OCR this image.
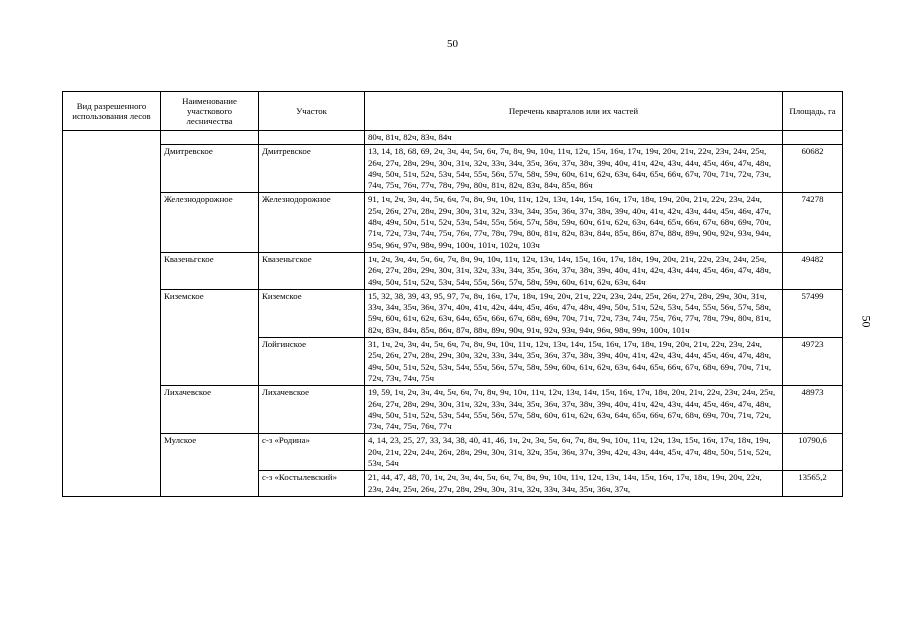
50
50
Вид разрешенного использования лесов	Наименование участкового лесничества	Участок	Перечень кварталов или их частей	Площадь, га
			80ч, 81ч, 82ч, 83ч, 84ч	
	Дмитревское	Дмитревское	13, 14, 18, 68, 69, 2ч, 3ч, 4ч, 5ч, 6ч, 7ч, 8ч, 9ч, 10ч, 11ч, 12ч, 15ч, 16ч, 17ч, 19ч, 20ч, 21ч, 22ч, 23ч, 24ч, 25ч, 26ч, 27ч, 28ч, 29ч, 30ч, 31ч, 32ч, 33ч, 34ч, 35ч, 36ч, 37ч, 38ч, 39ч, 40ч, 41ч, 42ч, 43ч, 44ч, 45ч, 46ч, 47ч, 48ч, 49ч, 50ч, 51ч, 52ч, 53ч, 54ч, 55ч, 56ч, 57ч, 58ч, 59ч, 60ч, 61ч, 62ч, 63ч, 64ч, 65ч, 66ч, 67ч, 70ч, 71ч, 72ч, 73ч, 74ч, 75ч, 76ч, 77ч, 78ч, 79ч, 80ч, 81ч, 82ч, 83ч, 84ч, 85ч, 86ч	60682
	Железнодорожное	Железнодорожное	91, 1ч, 2ч, 3ч, 4ч, 5ч, 6ч, 7ч, 8ч, 9ч, 10ч, 11ч, 12ч, 13ч, 14ч, 15ч, 16ч, 17ч, 18ч, 19ч, 20ч, 21ч, 22ч, 23ч, 24ч, 25ч, 26ч, 27ч, 28ч, 29ч, 30ч, 31ч, 32ч, 33ч, 34ч, 35ч, 36ч, 37ч, 38ч, 39ч, 40ч, 41ч, 42ч, 43ч, 44ч, 45ч, 46ч, 47ч, 48ч, 49ч, 50ч, 51ч, 52ч, 53ч, 54ч, 55ч, 56ч, 57ч, 58ч, 59ч, 60ч, 61ч, 62ч, 63ч, 64ч, 65ч, 66ч, 67ч, 68ч, 69ч, 70ч, 71ч, 72ч, 73ч, 74ч, 75ч, 76ч, 77ч, 78ч, 79ч, 80ч, 81ч, 82ч, 83ч, 84ч, 85ч, 86ч, 87ч, 88ч, 89ч, 90ч, 92ч, 93ч, 94ч, 95ч, 96ч, 97ч, 98ч, 99ч, 100ч, 101ч, 102ч, 103ч	74278
	Квазеньгское	Квазеньгское	1ч, 2ч, 3ч, 4ч, 5ч, 6ч, 7ч, 8ч, 9ч, 10ч, 11ч, 12ч, 13ч, 14ч, 15ч, 16ч, 17ч, 18ч, 19ч, 20ч, 21ч, 22ч, 23ч, 24ч, 25ч, 26ч, 27ч, 28ч, 29ч, 30ч, 31ч, 32ч, 33ч, 34ч, 35ч, 36ч, 37ч, 38ч, 39ч, 40ч, 41ч, 42ч, 43ч, 44ч, 45ч, 46ч, 47ч, 48ч, 49ч, 50ч, 51ч, 52ч, 53ч, 54ч, 55ч, 56ч, 57ч, 58ч, 59ч, 60ч, 61ч, 62ч, 63ч, 64ч	49482
	Киземское	Киземское	15, 32, 38, 39, 43, 95, 97, 7ч, 8ч, 16ч, 17ч, 18ч, 19ч, 20ч, 21ч, 22ч, 23ч, 24ч, 25ч, 26ч, 27ч, 28ч, 29ч, 30ч, 31ч, 33ч, 34ч, 35ч, 36ч, 37ч, 40ч, 41ч, 42ч, 44ч, 45ч, 46ч, 47ч, 48ч, 49ч, 50ч, 51ч, 52ч, 53ч, 54ч, 55ч, 56ч, 57ч, 58ч, 59ч, 60ч, 61ч, 62ч, 63ч, 64ч, 65ч, 66ч, 67ч, 68ч, 69ч, 70ч, 71ч, 72ч, 73ч, 74ч, 75ч, 76ч, 77ч, 78ч, 79ч, 80ч, 81ч, 82ч, 83ч, 84ч, 85ч, 86ч, 87ч, 88ч, 89ч, 90ч, 91ч, 92ч, 93ч, 94ч, 96ч, 98ч, 99ч, 100ч, 101ч	57499
		Лойгинское	31, 1ч, 2ч, 3ч, 4ч, 5ч, 6ч, 7ч, 8ч, 9ч, 10ч, 11ч, 12ч, 13ч, 14ч, 15ч, 16ч, 17ч, 18ч, 19ч, 20ч, 21ч, 22ч, 23ч, 24ч, 25ч, 26ч, 27ч, 28ч, 29ч, 30ч, 32ч, 33ч, 34ч, 35ч, 36ч, 37ч, 38ч, 39ч, 40ч, 41ч, 42ч, 43ч, 44ч, 45ч, 46ч, 47ч, 48ч, 49ч, 50ч, 51ч, 52ч, 53ч, 54ч, 55ч, 56ч, 57ч, 58ч, 59ч, 60ч, 61ч, 62ч, 63ч, 64ч, 65ч, 66ч, 67ч, 68ч, 69ч, 70ч, 71ч, 72ч, 73ч, 74ч, 75ч	49723
	Лихачевское	Лихачевское	19, 59, 1ч, 2ч, 3ч, 4ч, 5ч, 6ч, 7ч, 8ч, 9ч, 10ч, 11ч, 12ч, 13ч, 14ч, 15ч, 16ч, 17ч, 18ч, 20ч, 21ч, 22ч, 23ч, 24ч, 25ч, 26ч, 27ч, 28ч, 29ч, 30ч, 31ч, 32ч, 33ч, 34ч, 35ч, 36ч, 37ч, 38ч, 39ч, 40ч, 41ч, 42ч, 43ч, 44ч, 45ч, 46ч, 47ч, 48ч, 49ч, 50ч, 51ч, 52ч, 53ч, 54ч, 55ч, 56ч, 57ч, 58ч, 60ч, 61ч, 62ч, 63ч, 64ч, 65ч, 66ч, 67ч, 68ч, 69ч, 70ч, 71ч, 72ч, 73ч, 74ч, 75ч, 76ч, 77ч	48973
	Мулское	с-з «Родина»	4, 14, 23, 25, 27, 33, 34, 38, 40, 41, 46, 1ч, 2ч, 3ч, 5ч, 6ч, 7ч, 8ч, 9ч, 10ч, 11ч, 12ч, 13ч, 15ч, 16ч, 17ч, 18ч, 19ч, 20ч, 21ч, 22ч, 24ч, 26ч, 28ч, 29ч, 30ч, 31ч, 32ч, 35ч, 36ч, 37ч, 39ч, 42ч, 43ч, 44ч, 45ч, 47ч, 48ч, 50ч, 51ч, 52ч, 53ч, 54ч	10790,6
		с-з «Костылевский»	21, 44, 47, 48, 70, 1ч, 2ч, 3ч, 4ч, 5ч, 6ч, 7ч, 8ч, 9ч, 10ч, 11ч, 12ч, 13ч, 14ч, 15ч, 16ч, 17ч, 18ч, 19ч, 20ч, 22ч, 23ч, 24ч, 25ч, 26ч, 27ч, 28ч, 29ч, 30ч, 31ч, 32ч, 33ч, 34ч, 35ч, 36ч, 37ч,	13565,2
